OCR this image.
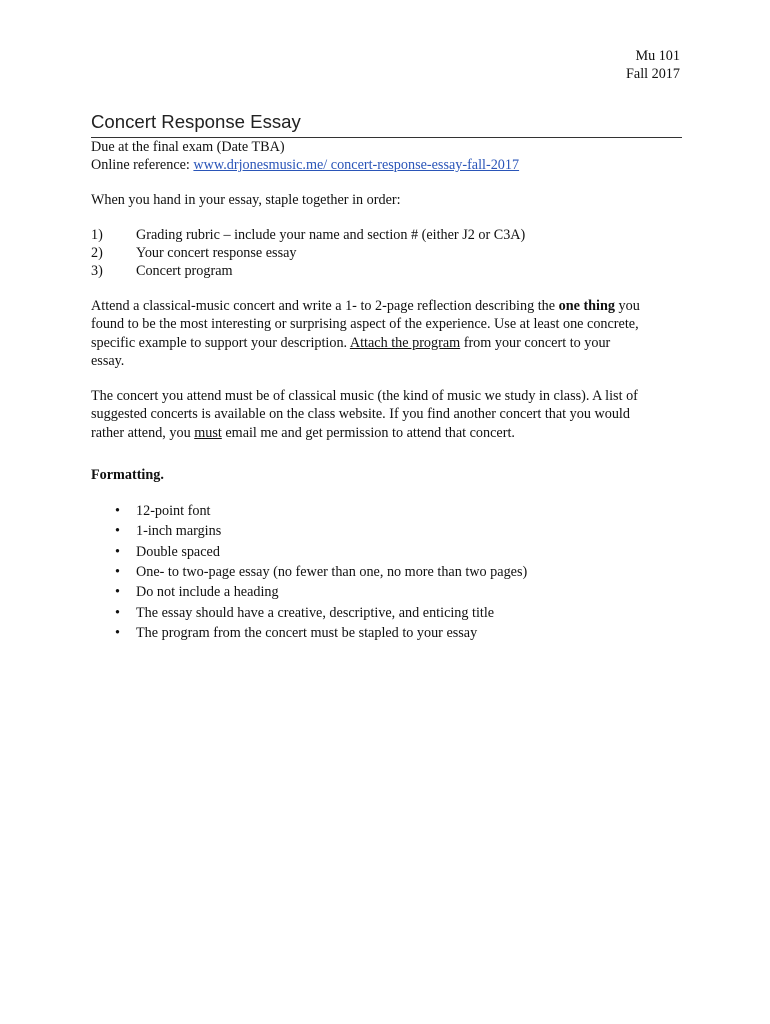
Mu 101
Fall 2017
Concert Response Essay
Due at the final exam (Date TBA)
Online reference: www.drjonesmusic.me/ concert-response-essay-fall-2017
When you hand in your essay, staple together in order:
1)	Grading rubric – include your name and section # (either J2 or C3A)
2)	Your concert response essay
3)	Concert program
Attend a classical-music concert and write a 1- to 2-page reflection describing the one thing you
found to be the most interesting or surprising aspect of the experience. Use at least one concrete,
specific example to support your description. Attach the program from your concert to your
essay.
The concert you attend must be of classical music (the kind of music we study in class). A list of
suggested concerts is available on the class website. If you find another concert that you would
rather attend, you must email me and get permission to attend that concert.
Formatting.
•	12-point font
•	1-inch margins
•	Double spaced
•	One- to two-page essay (no fewer than one, no more than two pages)
•	Do not include a heading
•	The essay should have a creative, descriptive, and enticing title
•	The program from the concert must be stapled to your essay
